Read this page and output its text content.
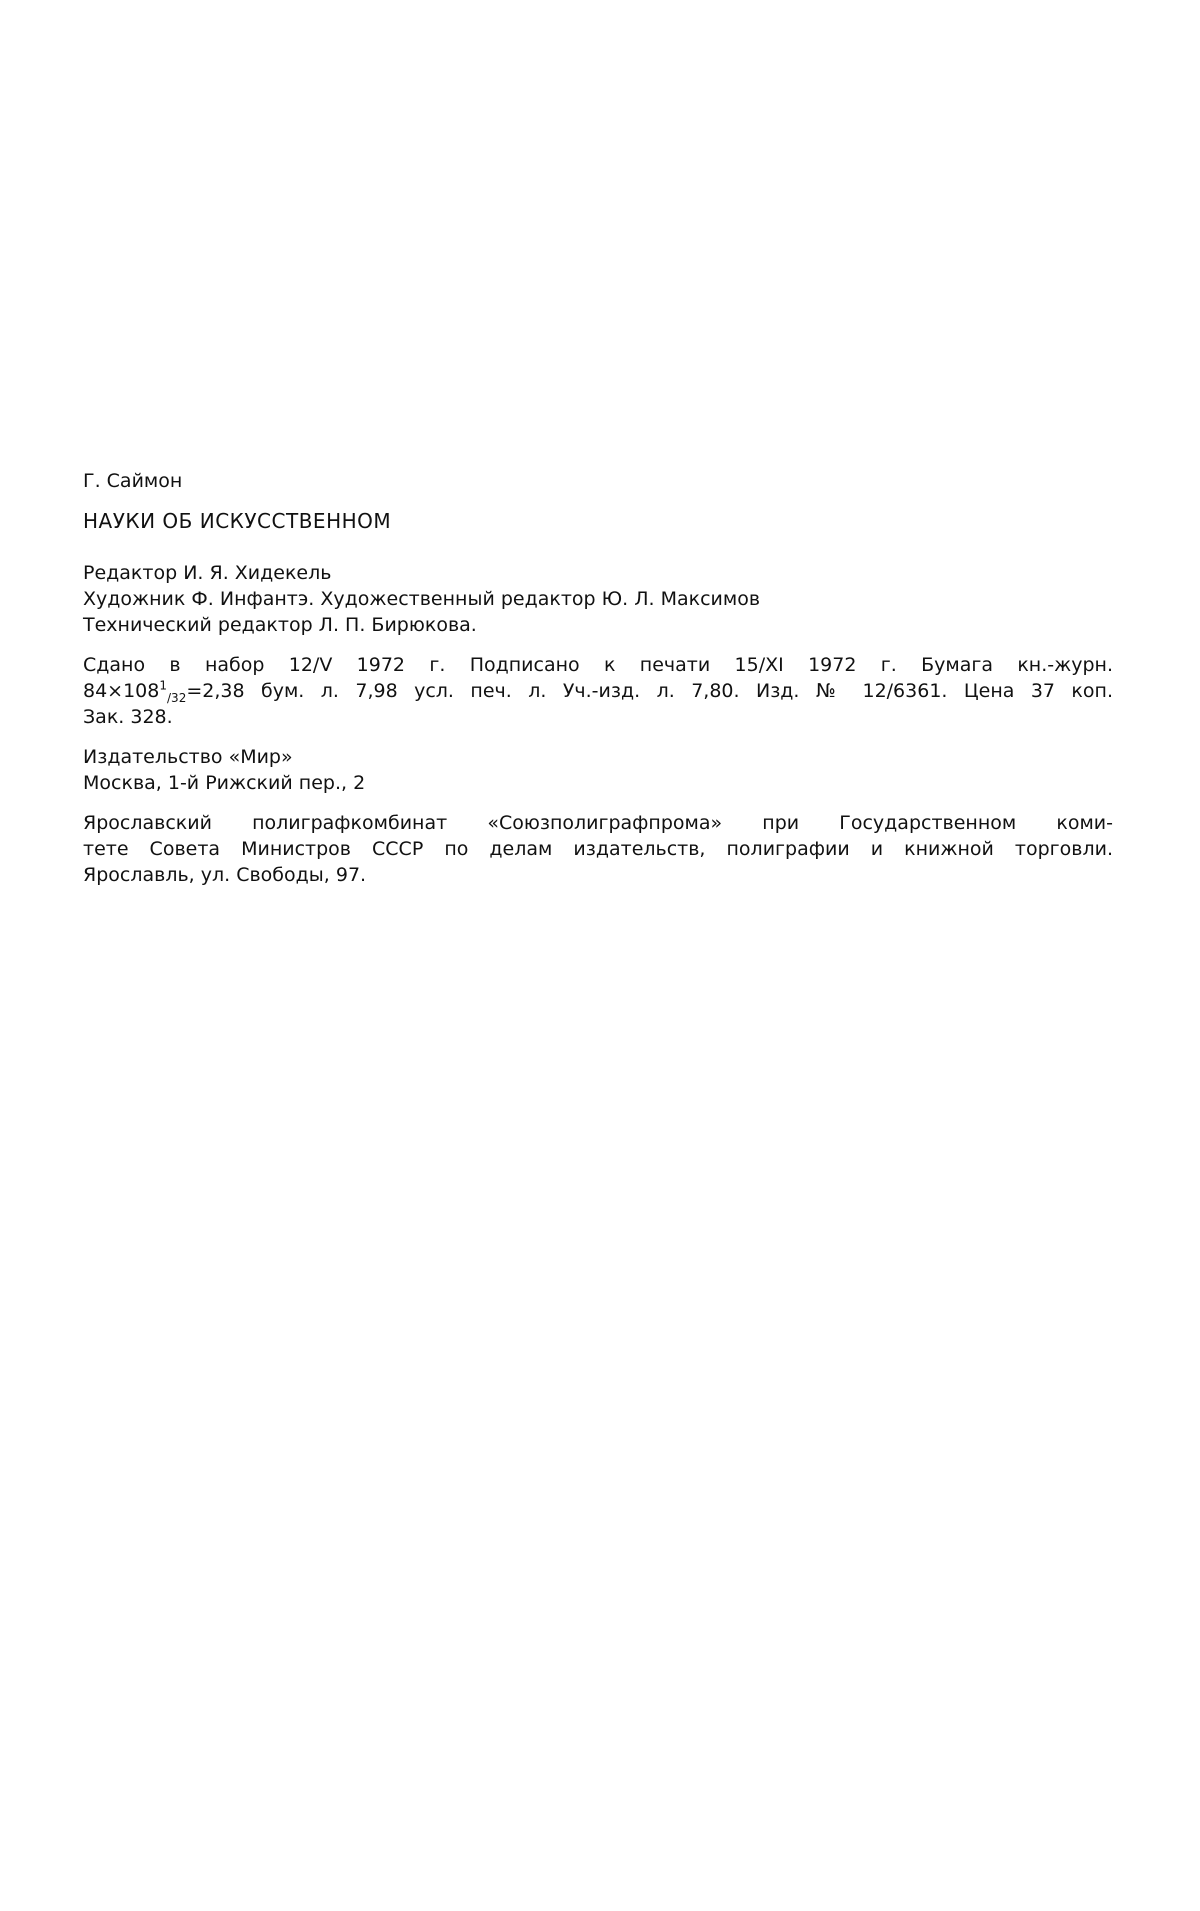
Г. Саймон
НАУКИ ОБ ИСКУССТВЕННОМ
Редактор И. Я. Хидекель
Художник Ф. Инфантэ. Художественный редактор Ю. Л. Максимов
Технический редактор Л. П. Бирюкова.
Сдано в набор 12/V 1972 г. Подписано к печати 15/XI 1972 г. Бумага кн.-журн.
$84\times 108^1_{/32}=2,38$ бум. л. 7,98 усл. печ. л. Уч.-изд. л. 7,80. Изд. № 12/6361. Цена 37 коп.
Зак. 328.
Издательство «Мир»
Москва, 1-й Рижский пер., 2
Ярославский полиграфкомбинат «Союзполиграфпрома» при Государственном коми-
тете Совета Министров СССР по делам издательств, полиграфии и книжной торговли.
Ярославль, ул. Свободы, 97.
